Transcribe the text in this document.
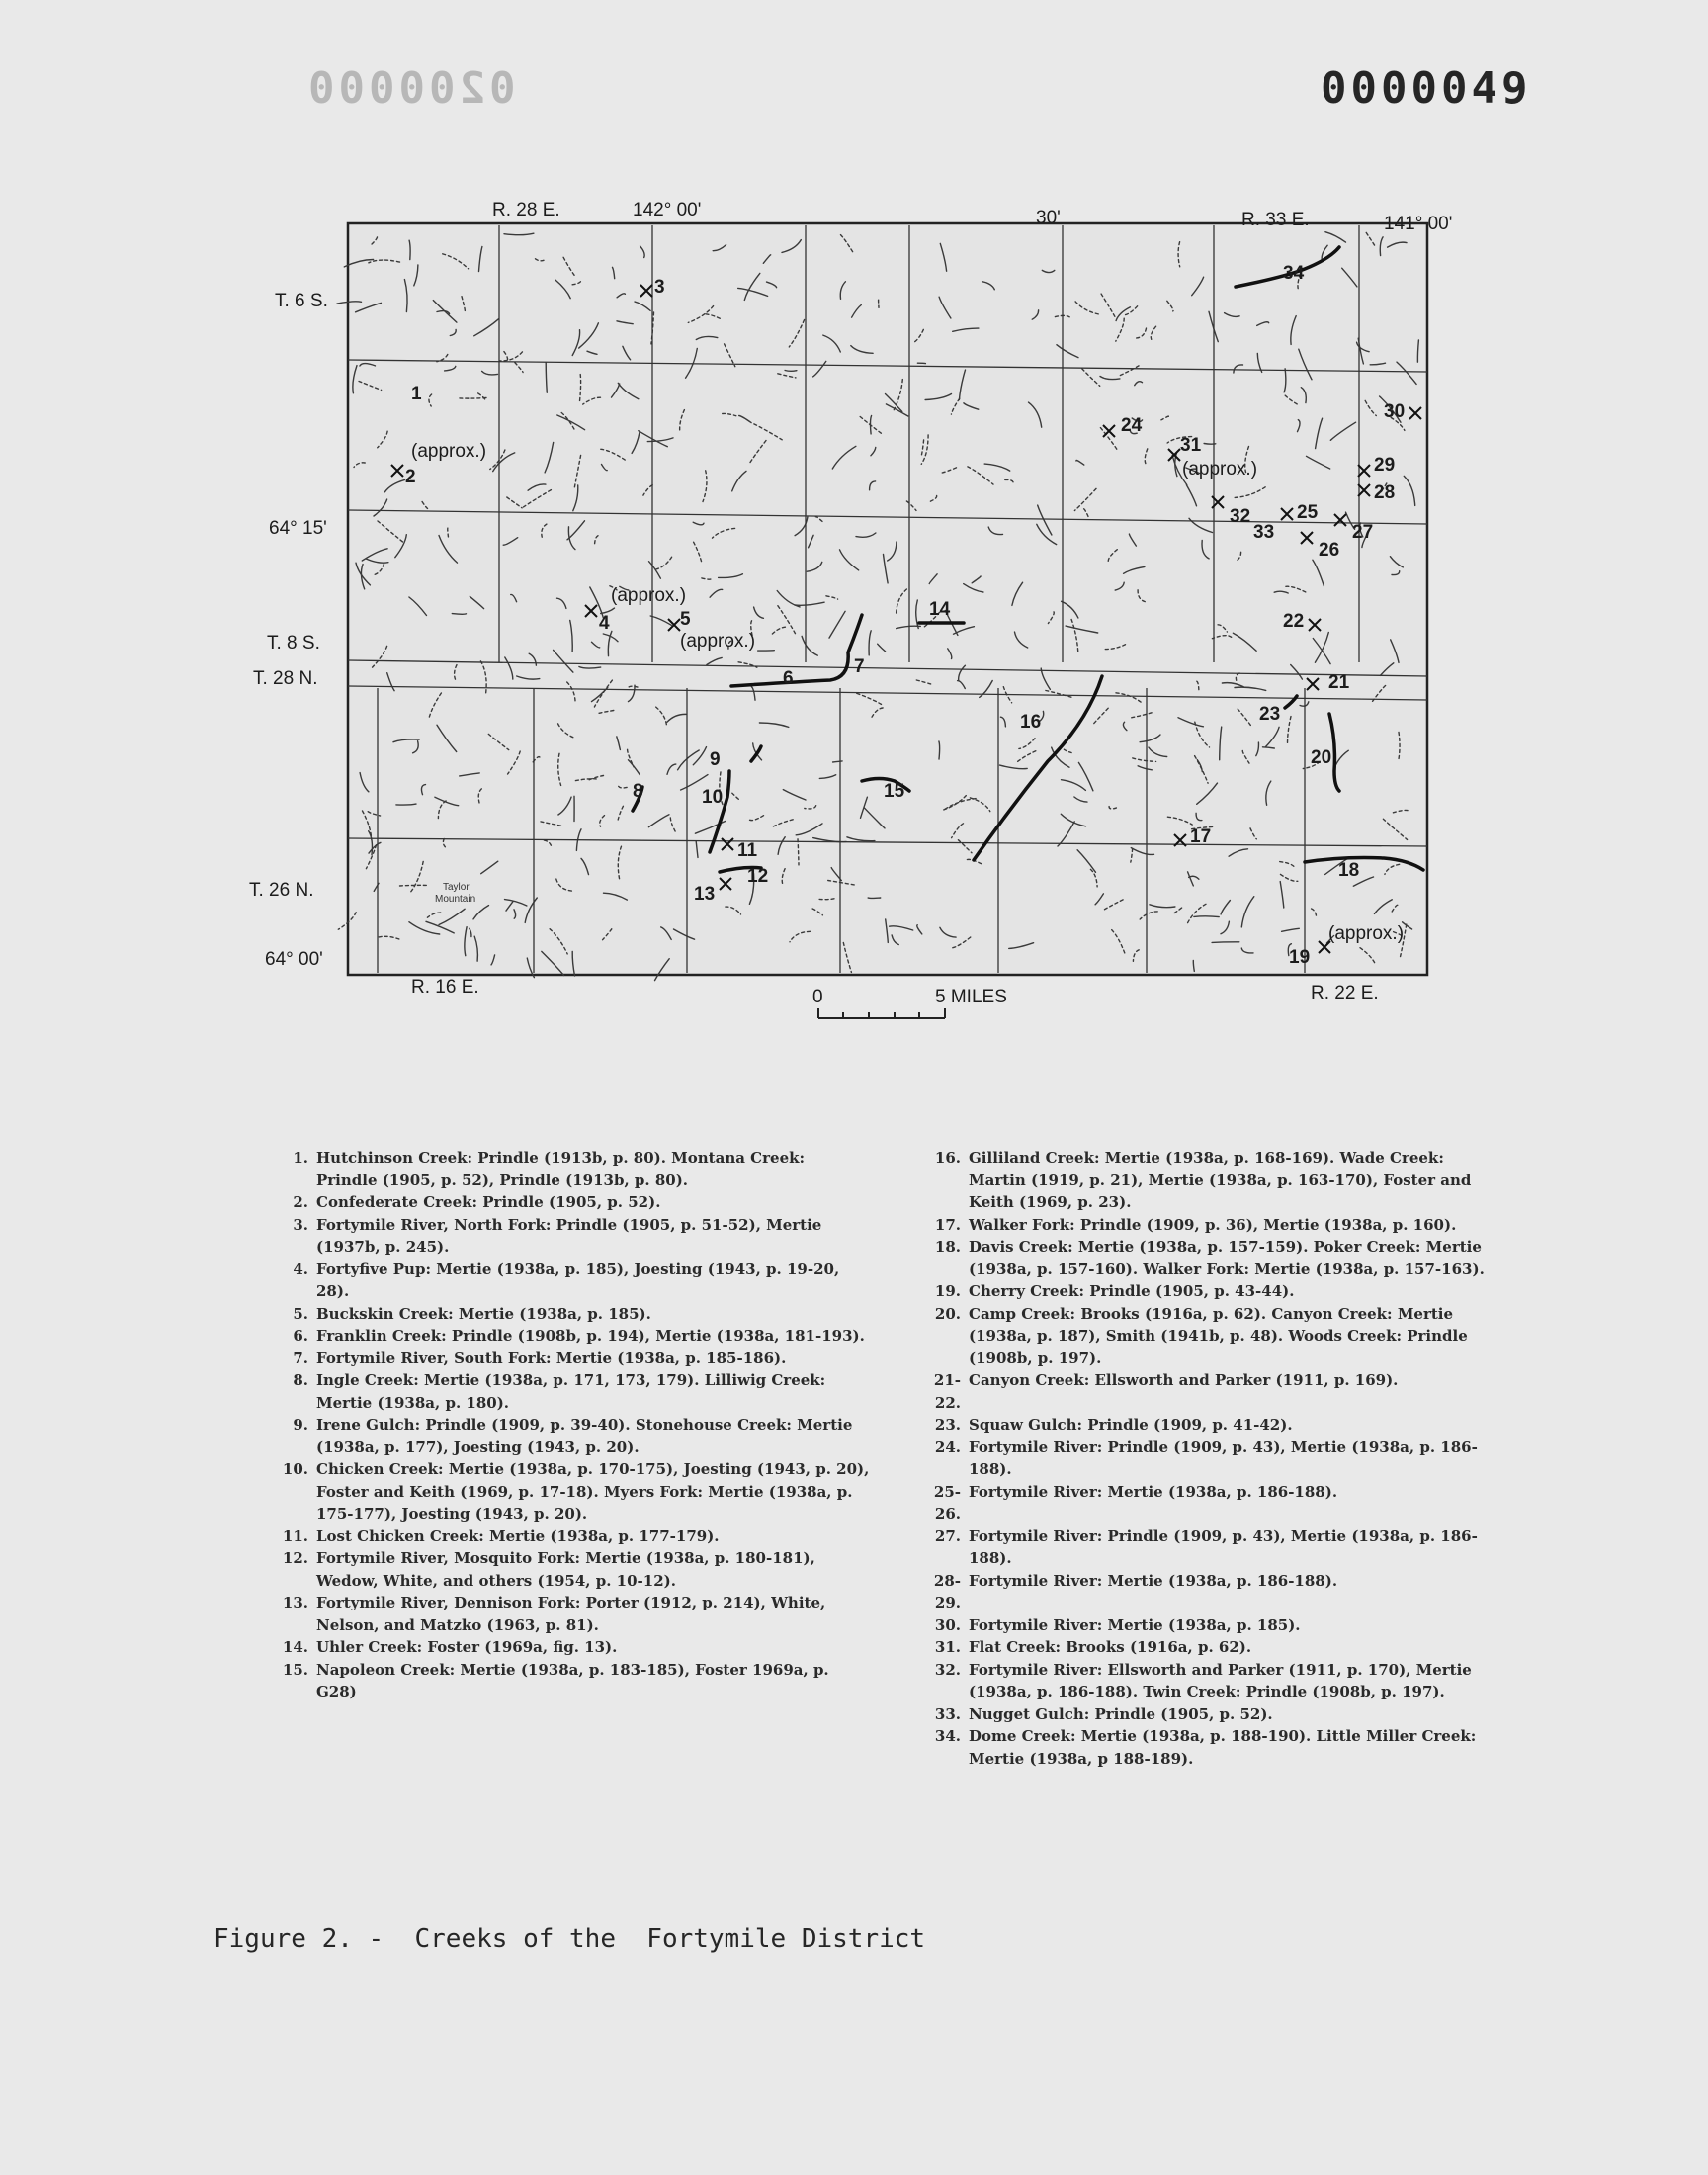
0200000	0000049
R. 28 E.	142° 00'	30'	R. 33 E.	141° 00'
T. 6 S.
64° 15'
T. 8 S.
T. 28 N.
T. 26 N.
64° 00'
R. 16 E.	R. 22 E.
0	5 MILES
Taylor
Mountain
(approx.)
(approx.)
(approx.)
(approx.)
(approx.)
1
2
3
4	5
6
7
8
9
10
11
12
13
14
15
16
17
18
19
20
21
22
23
24
25
26
27
28
29
30
31
32
33
34
1. Hutchinson Creek: Prindle (1913b, p. 80). Montana Creek: Prindle (1905, p. 52), Prindle (1913b, p. 80).
2. Confederate Creek: Prindle (1905, p. 52).
3. Fortymile River, North Fork: Prindle (1905, p. 51-52), Mertie (1937b, p. 245).
4. Fortyfive Pup: Mertie (1938a, p. 185), Joesting (1943, p. 19-20, 28).
5. Buckskin Creek: Mertie (1938a, p. 185).
6. Franklin Creek: Prindle (1908b, p. 194), Mertie (1938a, 181-193).
7. Fortymile River, South Fork: Mertie (1938a, p. 185-186).
8. Ingle Creek: Mertie (1938a, p. 171, 173, 179). Lilliwig Creek: Mertie (1938a, p. 180).
9. Irene Gulch: Prindle (1909, p. 39-40). Stonehouse Creek: Mertie (1938a, p. 177), Joesting (1943, p. 20).
10. Chicken Creek: Mertie (1938a, p. 170-175), Joesting (1943, p. 20), Foster and Keith (1969, p. 17-18). Myers Fork: Mertie (1938a, p. 175-177), Joesting (1943, p. 20).
11. Lost Chicken Creek: Mertie (1938a, p. 177-179).
12. Fortymile River, Mosquito Fork: Mertie (1938a, p. 180-181), Wedow, White, and others (1954, p. 10-12).
13. Fortymile River, Dennison Fork: Porter (1912, p. 214), White, Nelson, and Matzko (1963, p. 81).
14. Uhler Creek: Foster (1969a, fig. 13).
15. Napoleon Creek: Mertie (1938a, p. 183-185), Foster 1969a, p. G28)
16. Gilliland Creek: Mertie (1938a, p. 168-169). Wade Creek: Martin (1919, p. 21), Mertie (1938a, p. 163-170), Foster and Keith (1969, p. 23).
17. Walker Fork: Prindle (1909, p. 36), Mertie (1938a, p. 160).
18. Davis Creek: Mertie (1938a, p. 157-159). Poker Creek: Mertie (1938a, p. 157-160). Walker Fork: Mertie (1938a, p. 157-163).
19. Cherry Creek: Prindle (1905, p. 43-44).
20. Camp Creek: Brooks (1916a, p. 62). Canyon Creek: Mertie (1938a, p. 187), Smith (1941b, p. 48). Woods Creek: Prindle (1908b, p. 197).
21-22.
Canyon Creek: Ellsworth and Parker (1911, p. 169).
23. Squaw Gulch: Prindle (1909, p. 41-42).
24. Fortymile River: Prindle (1909, p. 43), Mertie (1938a, p. 186-188).
25-26.
Fortymile River: Mertie (1938a, p. 186-188).
27. Fortymile River: Prindle (1909, p. 43), Mertie (1938a, p. 186-188).
28-29.
Fortymile River: Mertie (1938a, p. 186-188).
30. Fortymile River: Mertie (1938a, p. 185).
31. Flat Creek: Brooks (1916a, p. 62).
32. Fortymile River: Ellsworth and Parker (1911, p. 170), Mertie (1938a, p. 186-188). Twin Creek: Prindle (1908b, p. 197).
33. Nugget Gulch: Prindle (1905, p. 52).
34. Dome Creek: Mertie (1938a, p. 188-190). Little Miller Creek: Mertie (1938a, p 188-189).
Figure 2. -  Creeks of the  Fortymile District
